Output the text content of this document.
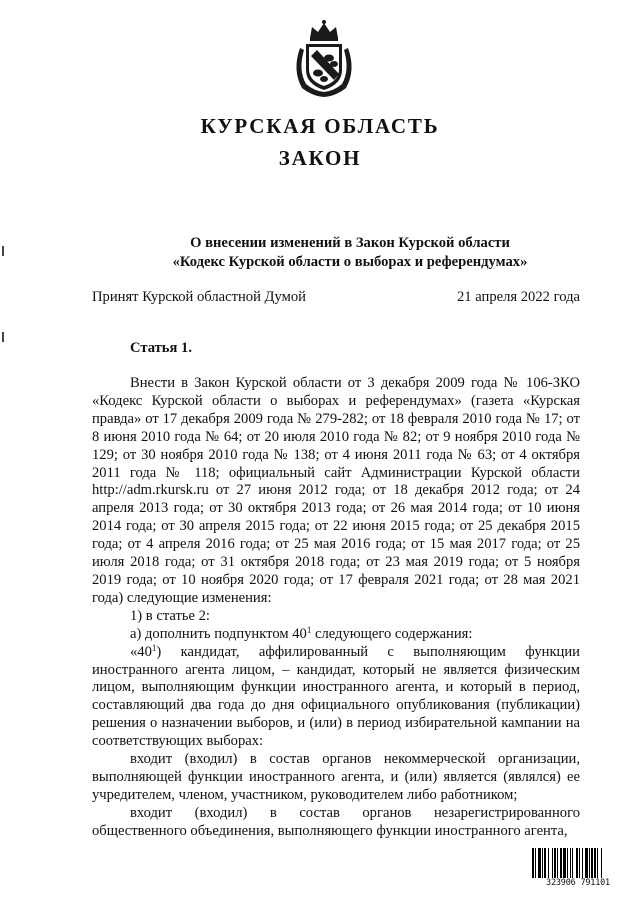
КУРСКАЯ ОБЛАСТЬ
ЗАКОН
О внесении изменений в Закон Курской области
«Кодекс Курской области о выборах и референдумах»
Принят Курской областной Думой	21 апреля 2022 года
Статья 1.

Внести в Закон Курской области от 3 декабря 2009 года № 106-ЗКО «Кодекс Курской области о выборах и референдумах» (газета «Курская правда» от 17 декабря 2009 года № 279-282; от 18 февраля 2010 года № 17; от 8 июня 2010 года № 64; от 20 июля 2010 года № 82; от 9 ноября 2010 года № 129; от 30 ноября 2010 года № 138; от 4 июня 2011 года № 63; от 4 октября 2011 года № 118; официальный сайт Администрации Курской области http://adm.rkursk.ru от 27 июня 2012 года; от 18 декабря 2012 года; от 24 апреля 2013 года; от 30 октября 2013 года; от 26 мая 2014 года; от 10 июня 2014 года; от 30 апреля 2015 года; от 22 июня 2015 года; от 25 декабря 2015 года; от 4 апреля 2016 года; от 25 мая 2016 года; от 15 мая 2017 года; от 25 июля 2018 года; от 31 октября 2018 года; от 23 мая 2019 года; от 5 ноября 2019 года; от 10 ноября 2020 года; от 17 февраля 2021 года; от 28 мая 2021 года) следующие изменения:

1) в статье 2:

а) дополнить подпунктом $40^1$ следующего содержания:

«$40^1$) кандидат, аффилированный с выполняющим функции иностранного агента лицом, – кандидат, который не является физическим лицом, выполняющим функции иностранного агента, и который в период, составляющий два года до дня официального опубликования (публикации) решения о назначении выборов, и (или) в период избирательной кампании на соответствующих выборах:

входит (входил) в состав органов некоммерческой организации, выполняющей функции иностранного агента, и (или) является (являлся) ее учредителем, членом, участником, руководителем либо работником;

входит (входил) в состав органов незарегистрированного общественного объединения, выполняющего функции иностранного агента,

323906 791101
